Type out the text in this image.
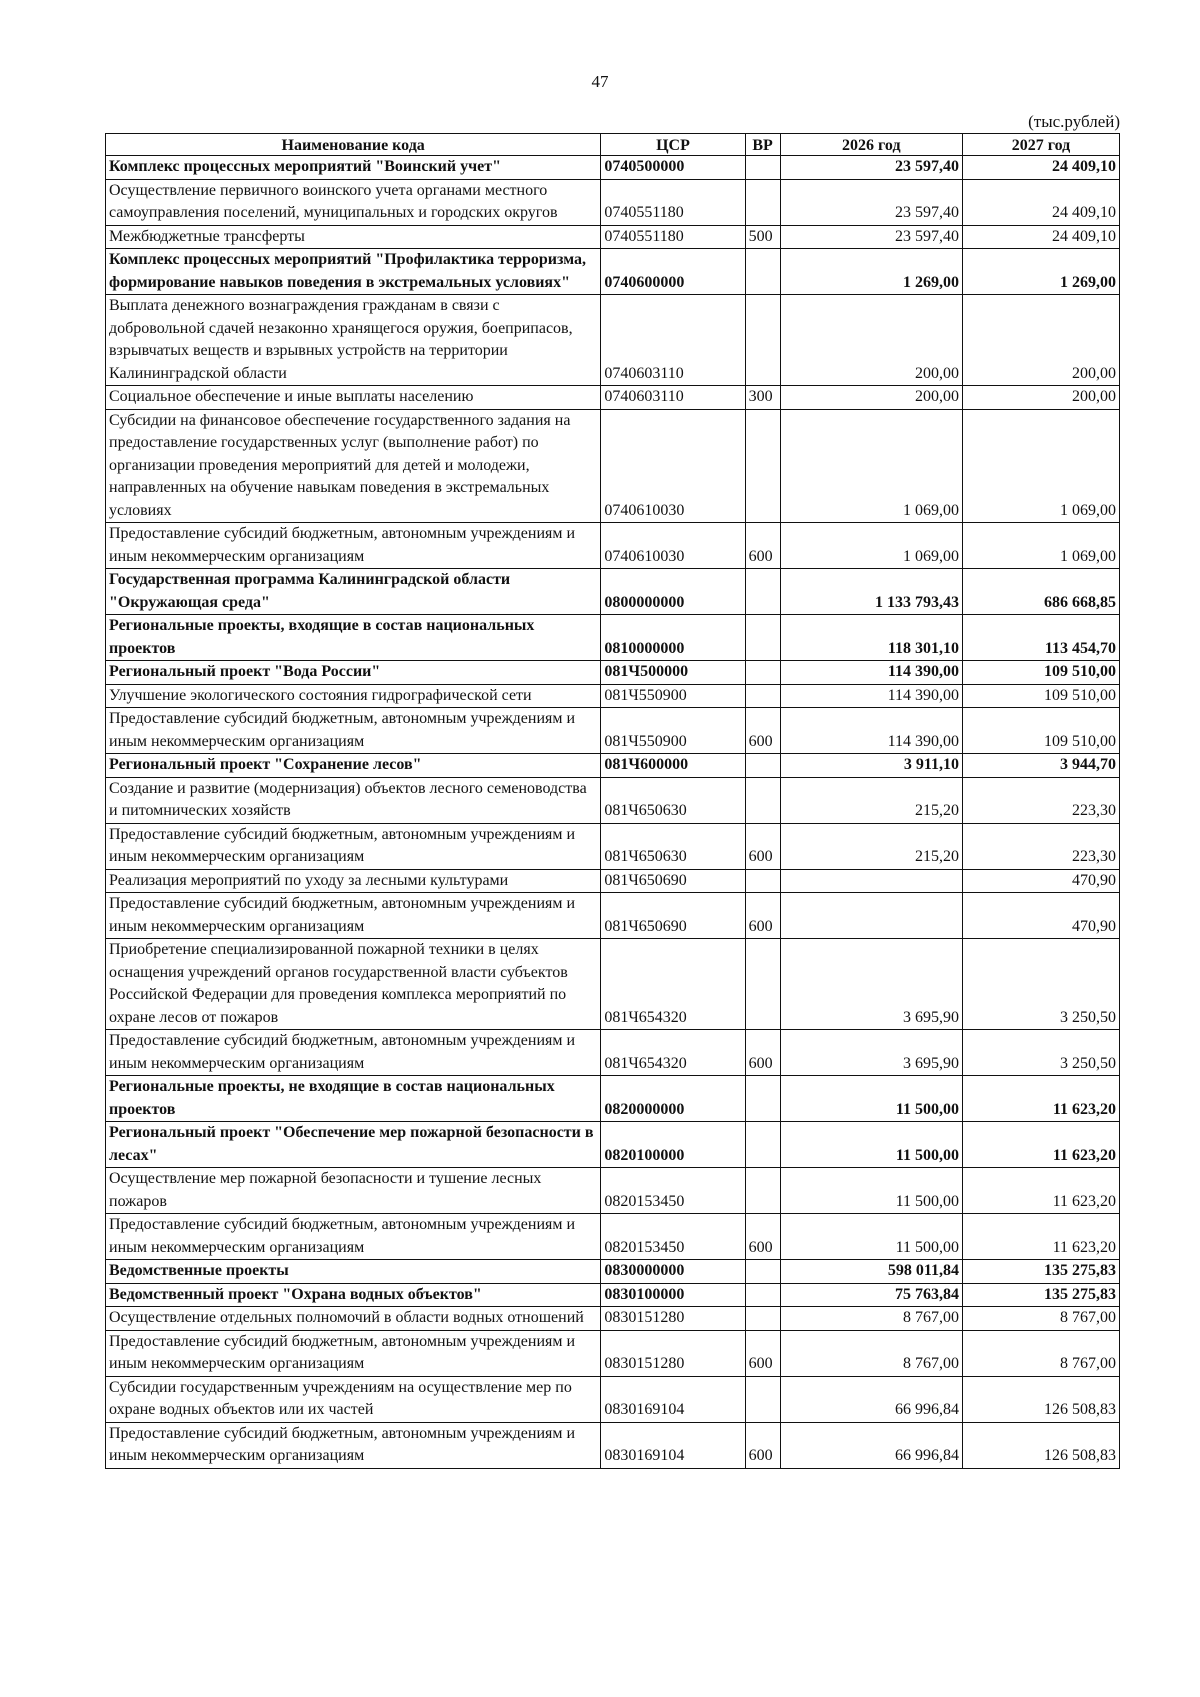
47
(тыс.рублей)
Наименование кода	ЦСР	ВР	2026 год	2027 год
Комплекс процессных мероприятий "Воинский учет"	0740500000		23 597,40	24 409,10
Осуществление первичного воинского учета органами местного самоуправления поселений, муниципальных и городских округов	0740551180		23 597,40	24 409,10
Межбюджетные трансферты	0740551180	500	23 597,40	24 409,10
Комплекс процессных мероприятий "Профилактика терроризма, формирование навыков поведения в экстремальных условиях"	0740600000		1 269,00	1 269,00
Выплата денежного вознаграждения гражданам в связи с добровольной сдачей незаконно хранящегося оружия, боеприпасов, взрывчатых веществ и взрывных устройств на территории Калининградской области	0740603110		200,00	200,00
Социальное обеспечение и иные выплаты населению	0740603110	300	200,00	200,00
Субсидии на финансовое обеспечение государственного задания на предоставление государственных услуг (выполнение работ) по организации проведения мероприятий для детей и молодежи, направленных на обучение навыкам поведения в экстремальных условиях	0740610030		1 069,00	1 069,00
Предоставление субсидий бюджетным, автономным учреждениям и иным некоммерческим организациям	0740610030	600	1 069,00	1 069,00
Государственная программа Калининградской области "Окружающая среда"	0800000000		1 133 793,43	686 668,85
Региональные проекты, входящие в состав национальных проектов	0810000000		118 301,10	113 454,70
Региональный проект "Вода России"	081Ч500000		114 390,00	109 510,00
Улучшение экологического состояния гидрографической сети	081Ч550900		114 390,00	109 510,00
Предоставление субсидий бюджетным, автономным учреждениям и иным некоммерческим организациям	081Ч550900	600	114 390,00	109 510,00
Региональный проект "Сохранение лесов"	081Ч600000		3 911,10	3 944,70
Создание и развитие (модернизация) объектов лесного семеноводства и питомнических хозяйств	081Ч650630		215,20	223,30
Предоставление субсидий бюджетным, автономным учреждениям и иным некоммерческим организациям	081Ч650630	600	215,20	223,30
Реализация мероприятий по уходу за лесными культурами	081Ч650690			470,90
Предоставление субсидий бюджетным, автономным учреждениям и иным некоммерческим организациям	081Ч650690	600		470,90
Приобретение специализированной пожарной техники в целях оснащения учреждений органов государственной власти субъектов Российской Федерации для проведения комплекса мероприятий по охране лесов от пожаров	081Ч654320		3 695,90	3 250,50
Предоставление субсидий бюджетным, автономным учреждениям и иным некоммерческим организациям	081Ч654320	600	3 695,90	3 250,50
Региональные проекты, не входящие в состав национальных проектов	0820000000		11 500,00	11 623,20
Региональный проект "Обеспечение мер пожарной безопасности в лесах"	0820100000		11 500,00	11 623,20
Осуществление мер пожарной безопасности и тушение лесных пожаров	0820153450		11 500,00	11 623,20
Предоставление субсидий бюджетным, автономным учреждениям и иным некоммерческим организациям	0820153450	600	11 500,00	11 623,20
Ведомственные проекты	0830000000		598 011,84	135 275,83
Ведомственный проект "Охрана водных объектов"	0830100000		75 763,84	135 275,83
Осуществление отдельных полномочий в области водных отношений	0830151280		8 767,00	8 767,00
Предоставление субсидий бюджетным, автономным учреждениям и иным некоммерческим организациям	0830151280	600	8 767,00	8 767,00
Субсидии государственным учреждениям на осуществление мер по охране водных объектов или их частей	0830169104		66 996,84	126 508,83
Предоставление субсидий бюджетным, автономным учреждениям и иным некоммерческим организациям	0830169104	600	66 996,84	126 508,83
